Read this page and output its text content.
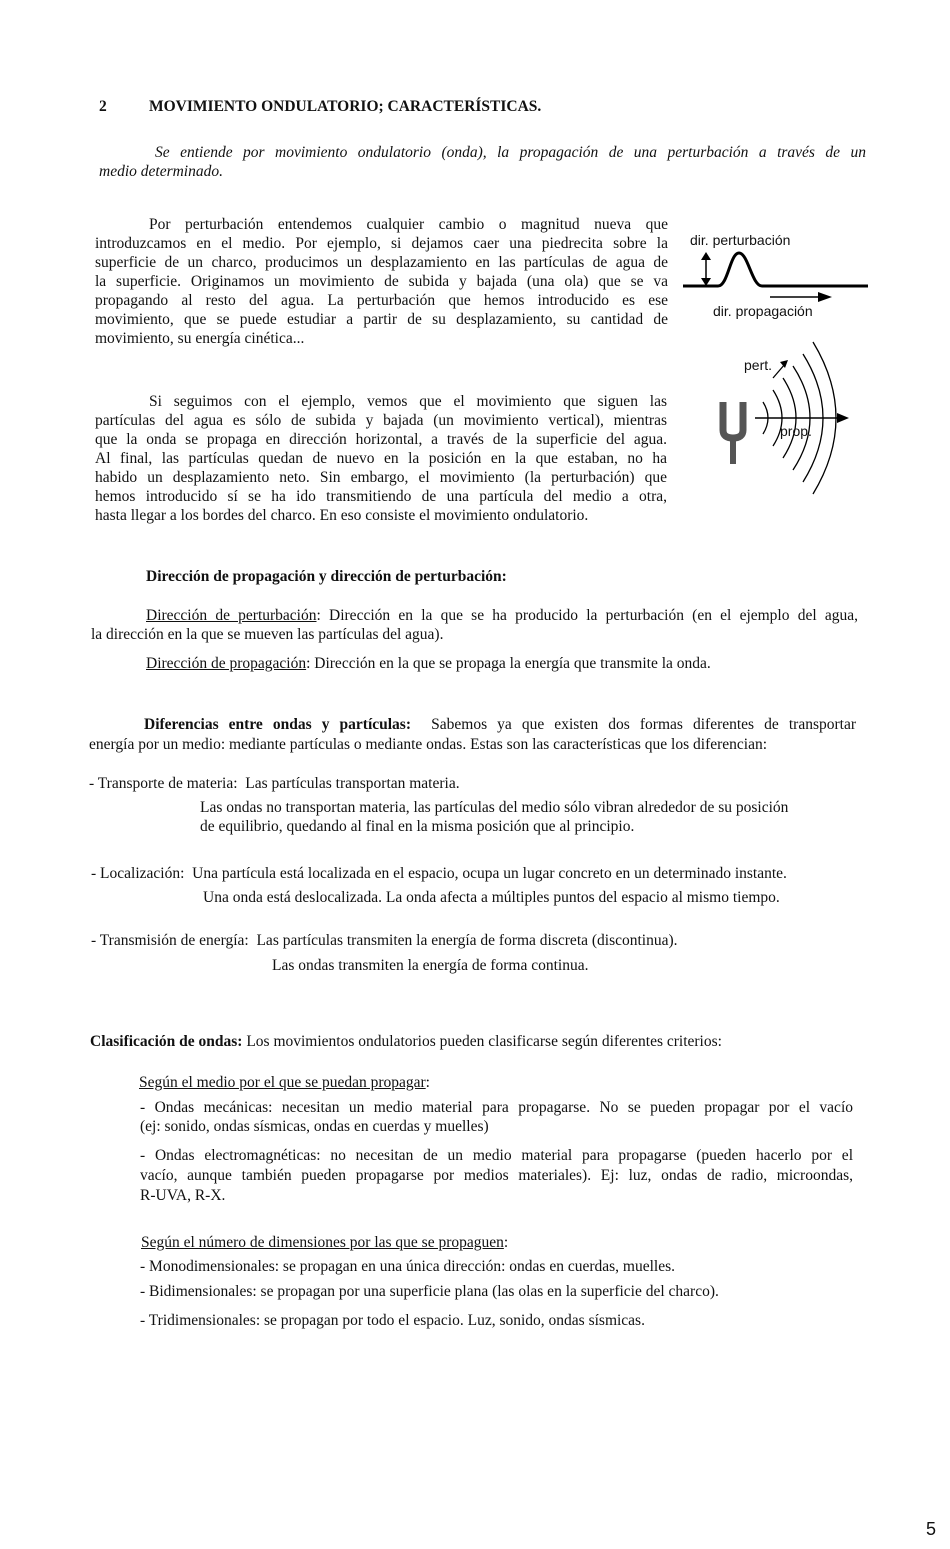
2	MOVIMIENTO ONDULATORIO; CARACTERÍSTICAS.
Se entiende por movimiento ondulatorio (onda), la propagación de una perturbación a través de un
medio determinado.
Por perturbación entendemos cualquier cambio o magnitud nueva que
introduzcamos en el medio. Por ejemplo, si dejamos caer una piedrecita sobre la
superficie de un charco, producimos un desplazamiento en las partículas de agua de
la superficie. Originamos un movimiento de subida y bajada (una ola) que se va
propagando al resto del agua. La perturbación que hemos introducido es ese
movimiento, que se puede estudiar a partir de su desplazamiento, su cantidad de
movimiento, su energía cinética...
Si seguimos con el ejemplo, vemos que el movimiento que siguen las
partículas del agua es sólo de subida y bajada (un movimiento vertical), mientras
que la onda se propaga en dirección horizontal, a través de la superficie del agua.
Al final, las partículas quedan de nuevo en la posición en la que estaban, no ha
habido un desplazamiento neto. Sin embargo, el movimiento (la perturbación) que
hemos introducido sí se ha ido transmitiendo de una partícula del medio a otra,
hasta llegar a los bordes del charco. En eso consiste el movimiento ondulatorio.
dir. perturbación
dir. propagación
pert.
prop.
Dirección de propagación y dirección de perturbación:
Dirección de perturbación: Dirección en la que se ha producido la perturbación (en el ejemplo del agua,
la dirección en la que se mueven las partículas del agua).
Dirección de propagación: Dirección en la que se propaga la energía que transmite la onda.
Diferencias entre ondas y partículas: Sabemos ya que existen dos formas diferentes de transportar
energía por un medio: mediante partículas o mediante ondas. Estas son las características que los diferencian:
- Transporte de materia: Las partículas transportan materia.
Las ondas no transportan materia, las partículas del medio sólo vibran alrededor de su posición
de equilibrio, quedando al final en la misma posición que al principio.
- Localización: Una partícula está localizada en el espacio, ocupa un lugar concreto en un determinado instante.
Una onda está deslocalizada. La onda afecta a múltiples puntos del espacio al mismo tiempo.
- Transmisión de energía: Las partículas transmiten la energía de forma discreta (discontinua).
Las ondas transmiten la energía de forma continua.
Clasificación de ondas: Los movimientos ondulatorios pueden clasificarse según diferentes criterios:
Según el medio por el que se puedan propagar:
- Ondas mecánicas: necesitan un medio material para propagarse. No se pueden propagar por el vacío
(ej: sonido, ondas sísmicas, ondas en cuerdas y muelles)
- Ondas electromagnéticas: no necesitan de un medio material para propagarse (pueden hacerlo por el
vacío, aunque también pueden propagarse por medios materiales). Ej: luz, ondas de radio, microondas,
R-UVA, R-X.
Según el número de dimensiones por las que se propaguen:
- Monodimensionales: se propagan en una única dirección: ondas en cuerdas, muelles.
- Bidimensionales: se propagan por una superficie plana (las olas en la superficie del charco).
- Tridimensionales: se propagan por todo el espacio. Luz, sonido, ondas sísmicas.
5
